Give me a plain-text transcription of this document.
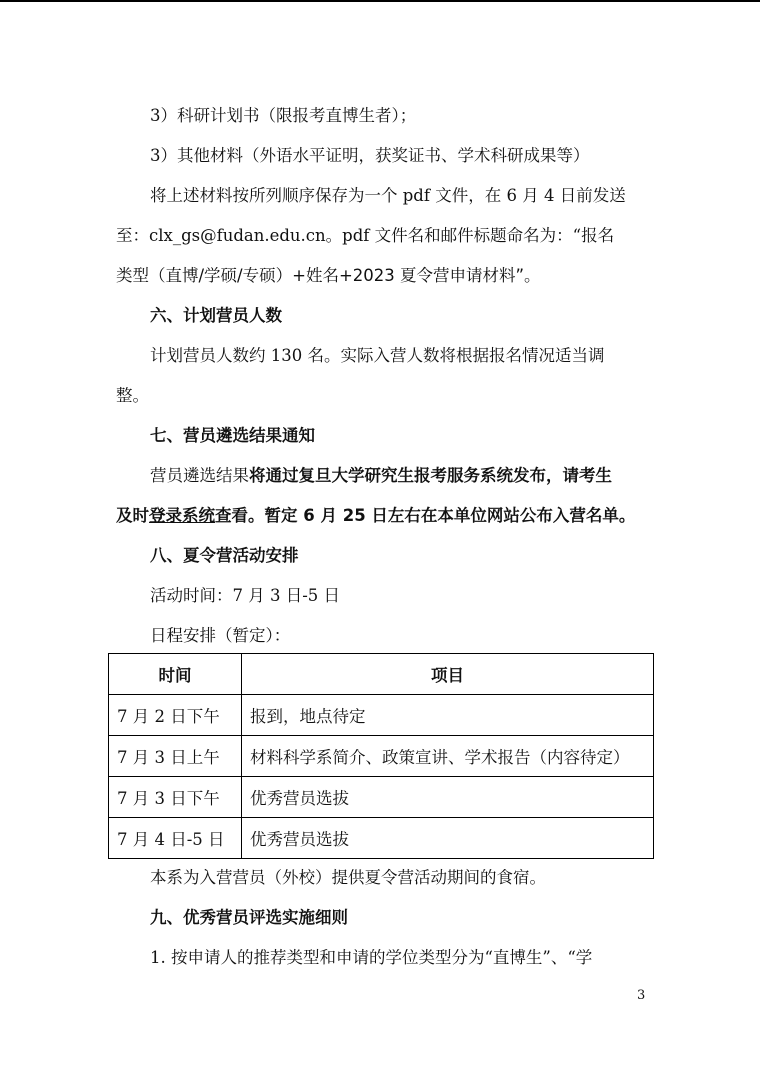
3）科研计划书（限报考直博生者）；
3）其他材料（外语水平证明，获奖证书、学术科研成果等）
将上述材料按所列顺序保存为一个 pdf 文件，在 6 月 4 日前发送
至：clx_gs@fudan.edu.cn。pdf 文件名和邮件标题命名为：“报名
类型（直博/学硕/专硕）+姓名+2023 夏令营申请材料”。
六、计划营员人数
计划营员人数约 130 名。实际入营人数将根据报名情况适当调
整。
七、营员遴选结果通知
营员遴选结果将通过复旦大学研究生报考服务系统发布，请考生
及时登录系统查看。暂定 6 月 25 日左右在本单位网站公布入营名单。
八、夏令营活动安排
活动时间：7 月 3 日-5 日
日程安排（暂定）：
时间	项目
7 月 2 日下午	报到，地点待定
7 月 3 日上午	材料科学系简介、政策宣讲、学术报告（内容待定）
7 月 3 日下午	优秀营员选拔
7 月 4 日-5 日	优秀营员选拔
本系为入营营员（外校）提供夏令营活动期间的食宿。
九、优秀营员评选实施细则
1. 按申请人的推荐类型和申请的学位类型分为“直博生”、“学
3
